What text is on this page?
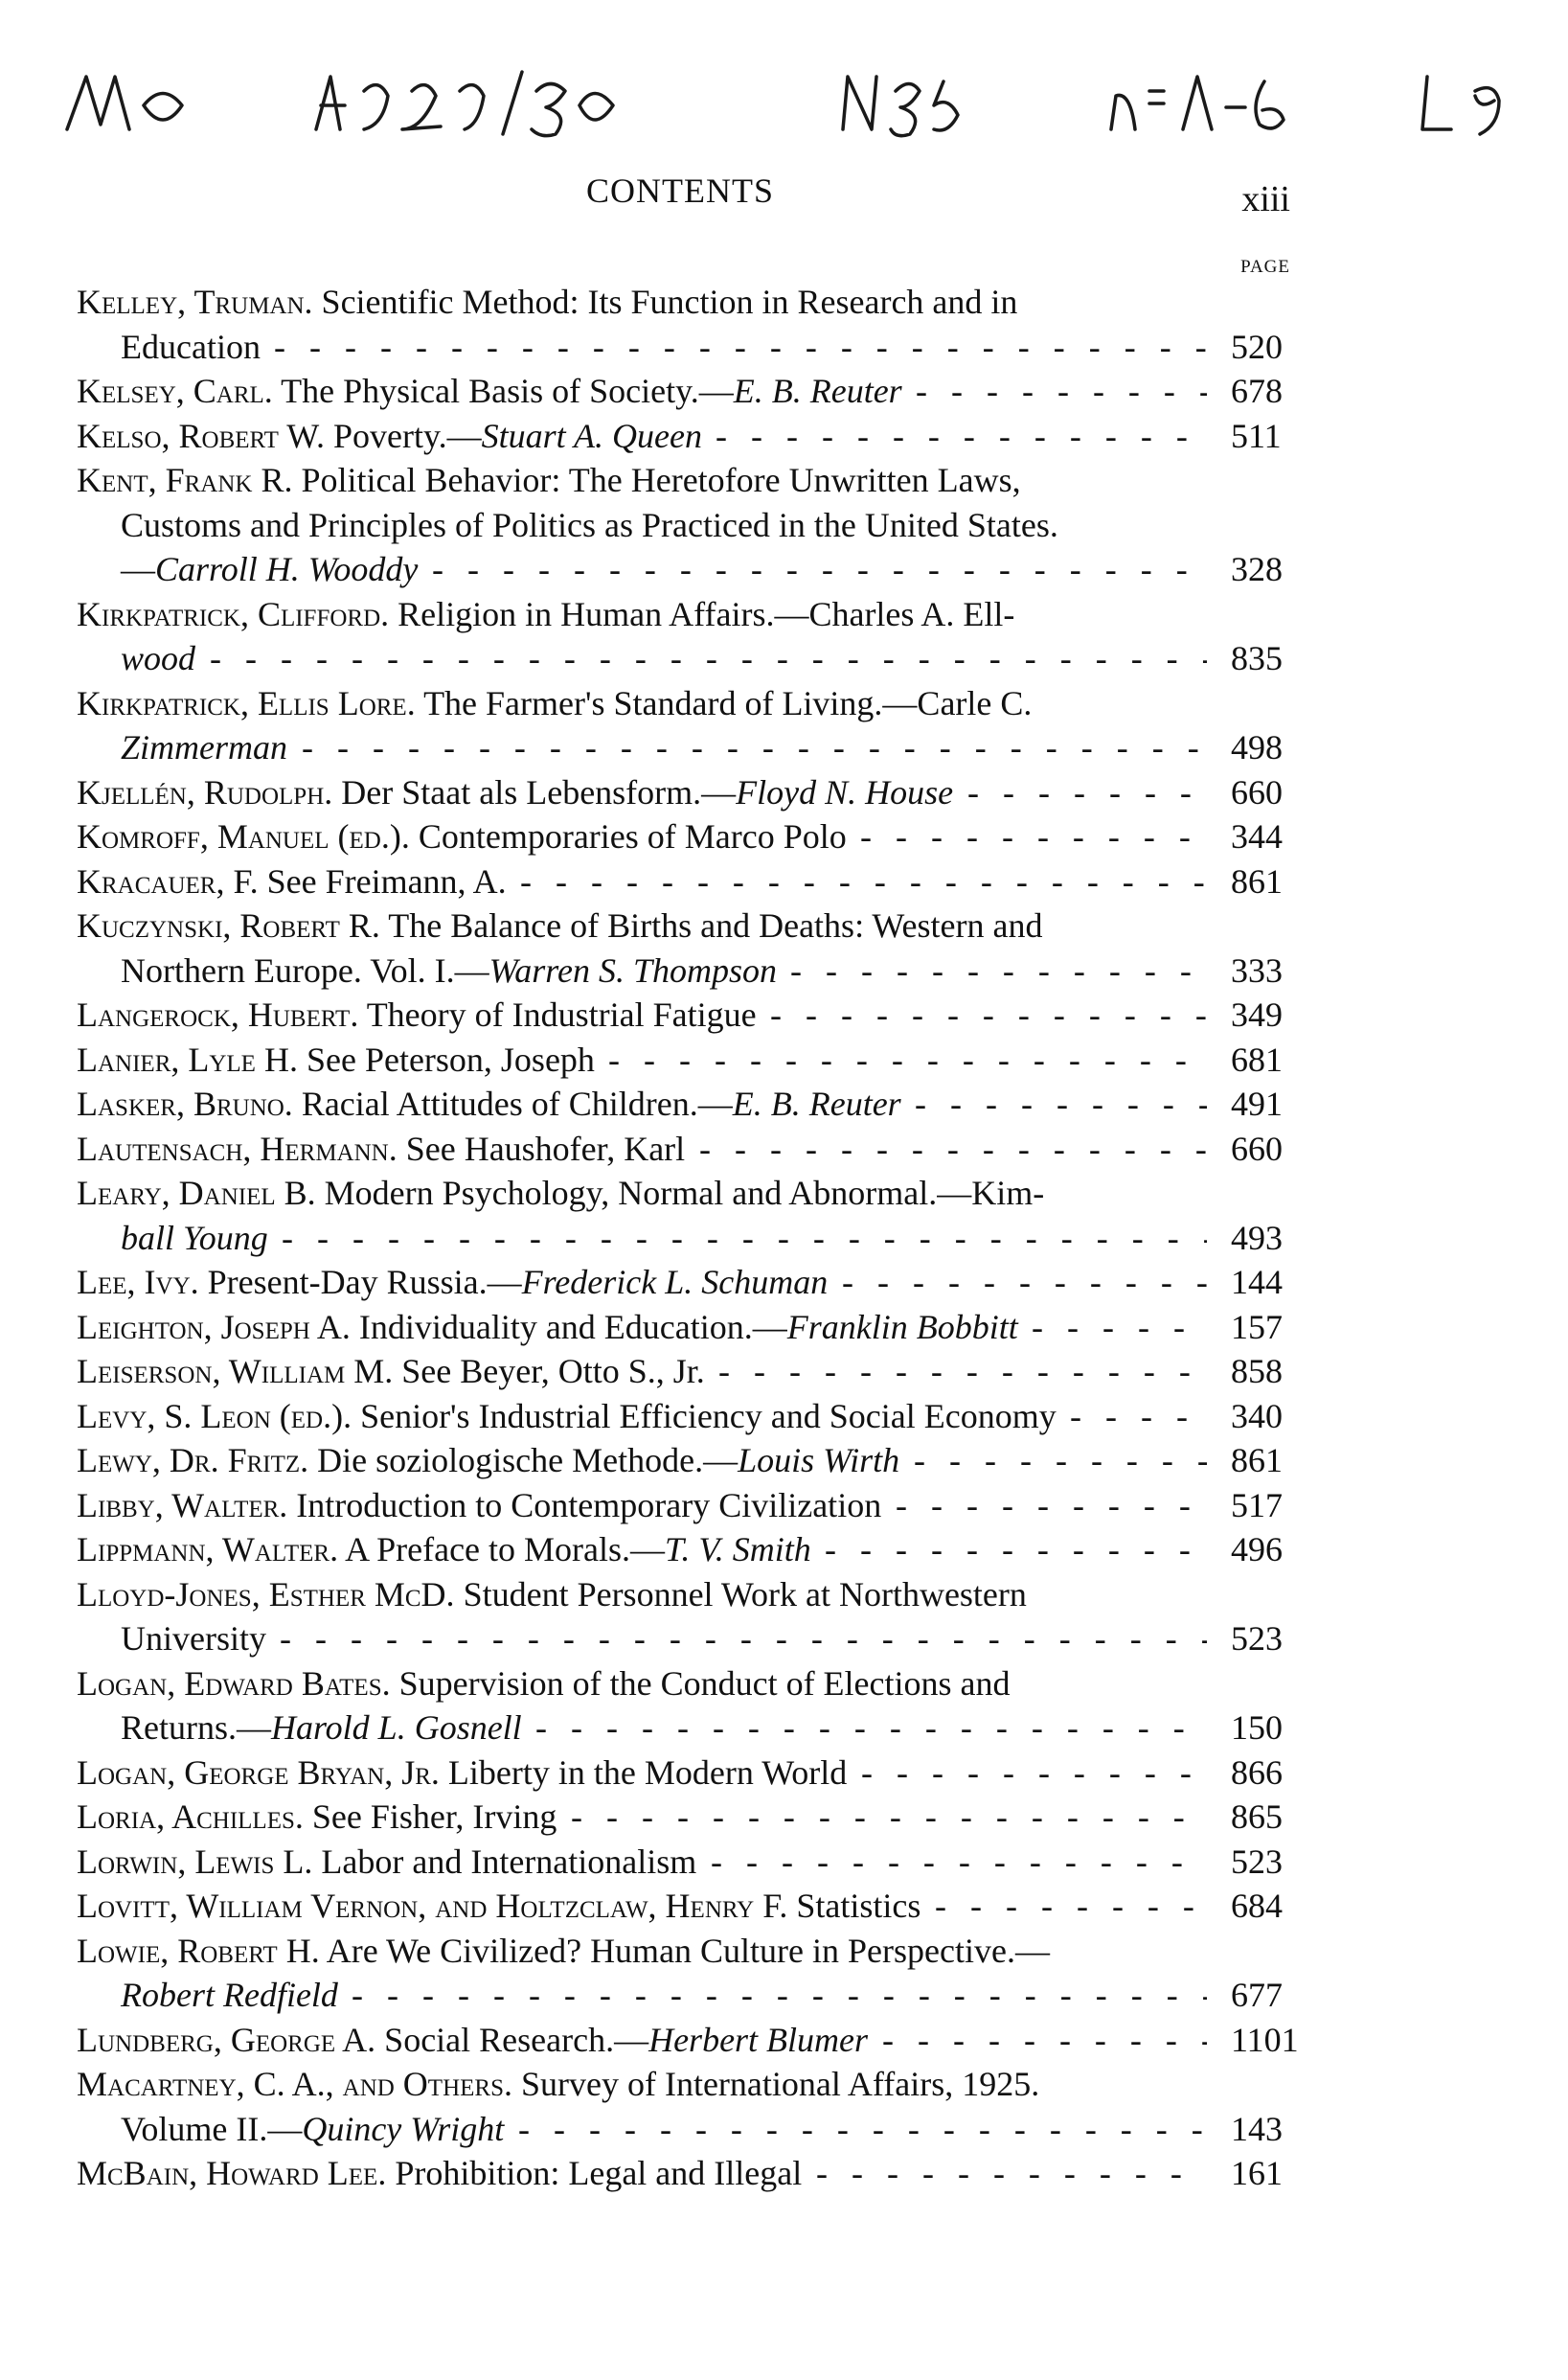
CONTENTS	xiii
PAGE
Kelley, Truman. Scientific Method: Its Function in Research and in
Education - - -	520
Kelsey, Carl. The Physical Basis of Society.—E. B. Reuter - - -	678
Kelso, Robert W. Poverty.—Stuart A. Queen - - -	511
Kent, Frank R. Political Behavior: The Heretofore Unwritten Laws,
Customs and Principles of Politics as Practiced in the United States.
—Carroll H. Wooddy - - -	328
Kirkpatrick, Clifford. Religion in Human Affairs.—Charles A. Ell-
wood - - -	835
Kirkpatrick, Ellis Lore. The Farmer's Standard of Living.—Carle C.
Zimmerman - - -	498
Kjellén, Rudolph. Der Staat als Lebensform.—Floyd N. House - - -	660
Komroff, Manuel (ed.). Contemporaries of Marco Polo - - -	344
Kracauer, F. See Freimann, A. - - -	861
Kuczynski, Robert R. The Balance of Births and Deaths: Western and
Northern Europe. Vol. I.—Warren S. Thompson - - -	333
Langerock, Hubert. Theory of Industrial Fatigue - - -	349
Lanier, Lyle H. See Peterson, Joseph - - -	681
Lasker, Bruno. Racial Attitudes of Children.—E. B. Reuter - - -	491
Lautensach, Hermann. See Haushofer, Karl - - -	660
Leary, Daniel B. Modern Psychology, Normal and Abnormal.—Kim-
ball Young - - -	493
Lee, Ivy. Present-Day Russia.—Frederick L. Schuman - - -	144
Leighton, Joseph A. Individuality and Education.—Franklin Bobbitt - - -	157
Leiserson, William M. See Beyer, Otto S., Jr. - - -	858
Levy, S. Leon (ed.). Senior's Industrial Efficiency and Social Economy - - -	340
Lewy, Dr. Fritz. Die soziologische Methode.—Louis Wirth - - -	861
Libby, Walter. Introduction to Contemporary Civilization - - -	517
Lippmann, Walter. A Preface to Morals.—T. V. Smith - - -	496
Lloyd-Jones, Esther McD. Student Personnel Work at Northwestern
University - - -	523
Logan, Edward Bates. Supervision of the Conduct of Elections and
Returns.—Harold L. Gosnell - - -	150
Logan, George Bryan, Jr. Liberty in the Modern World - - -	866
Loria, Achilles. See Fisher, Irving - - -	865
Lorwin, Lewis L. Labor and Internationalism - - -	523
Lovitt, William Vernon, and Holtzclaw, Henry F. Statistics - - -	684
Lowie, Robert H. Are We Civilized? Human Culture in Perspective.—
Robert Redfield - - -	677
Lundberg, George A. Social Research.—Herbert Blumer - - -	1101
Macartney, C. A., and Others. Survey of International Affairs, 1925.
Volume II.—Quincy Wright - - -	143
McBain, Howard Lee. Prohibition: Legal and Illegal - - -	161
